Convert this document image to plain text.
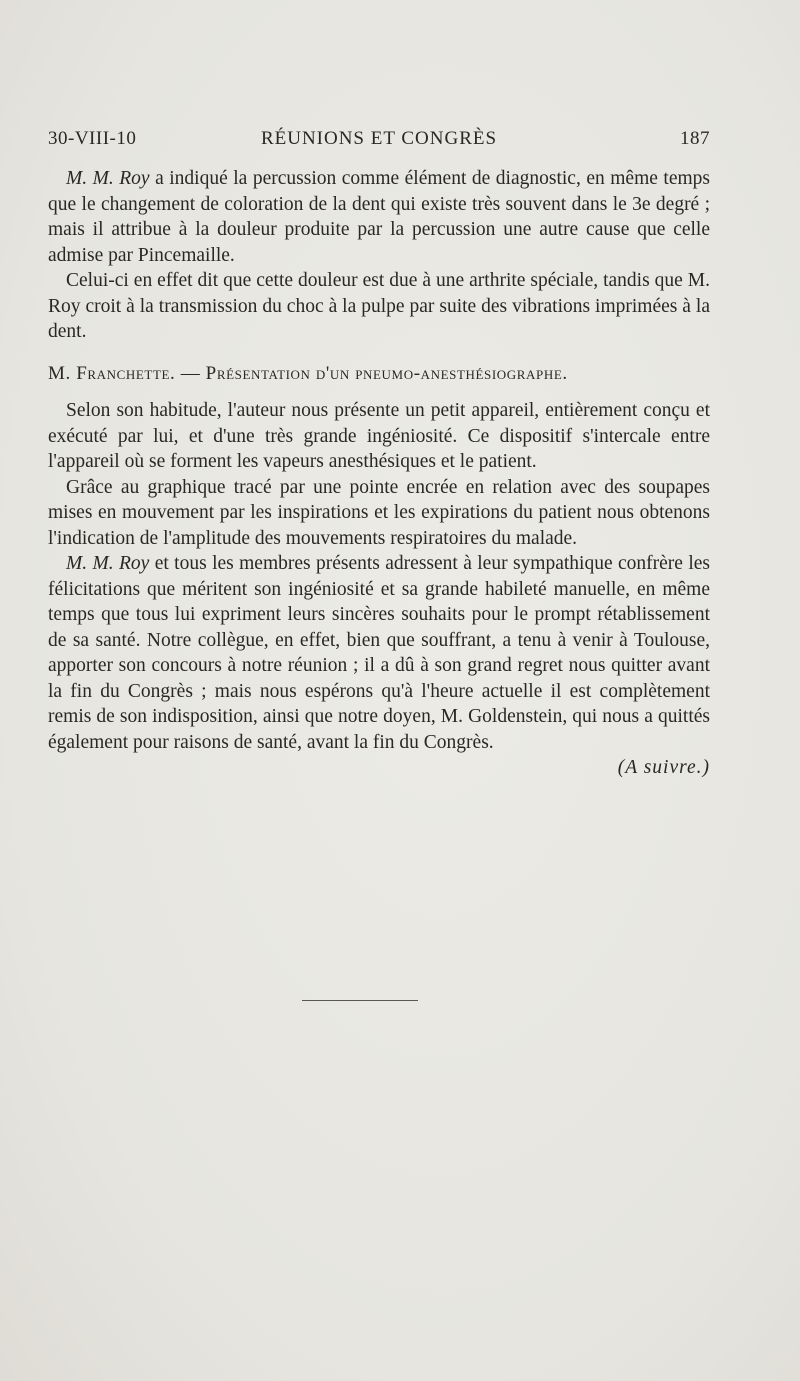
30-VIII-10	RÉUNIONS ET CONGRÈS	187

M. M. Roy a indiqué la percussion comme élément de diagnostic, en même temps que le changement de coloration de la dent qui existe très souvent dans le 3e degré ; mais il attribue à la douleur produite par la percussion une autre cause que celle admise par Pincemaille.

Celui-ci en effet dit que cette douleur est due à une arthrite spéciale, tandis que M. Roy croit à la transmission du choc à la pulpe par suite des vibrations imprimées à la dent.

M. Franchette. — Présentation d'un pneumo-anesthésiographe.

Selon son habitude, l'auteur nous présente un petit appareil, entièrement conçu et exécuté par lui, et d'une très grande ingéniosité. Ce dispositif s'intercale entre l'appareil où se forment les vapeurs anesthésiques et le patient.

Grâce au graphique tracé par une pointe encrée en relation avec des soupapes mises en mouvement par les inspirations et les expirations du patient nous obtenons l'indication de l'amplitude des mouvements respiratoires du malade.

M. M. Roy et tous les membres présents adressent à leur sympathique confrère les félicitations que méritent son ingéniosité et sa grande habileté manuelle, en même temps que tous lui expriment leurs sincères souhaits pour le prompt rétablissement de sa santé. Notre collègue, en effet, bien que souffrant, a tenu à venir à Toulouse, apporter son concours à notre réunion ; il a dû à son grand regret nous quitter avant la fin du Congrès ; mais nous espérons qu'à l'heure actuelle il est complètement remis de son indisposition, ainsi que notre doyen, M. Goldenstein, qui nous a quittés également pour raisons de santé, avant la fin du Congrès.

(A suivre.)
